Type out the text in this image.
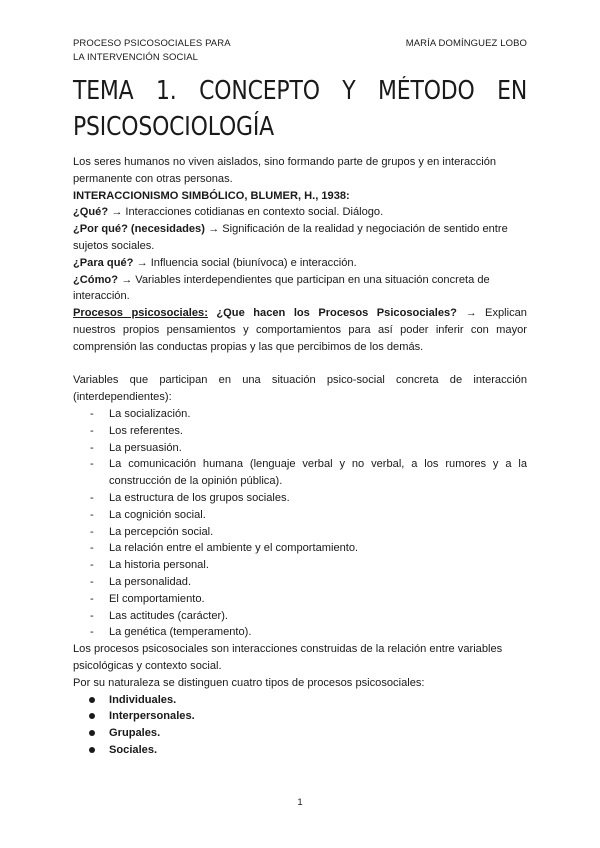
PROCESO PSICOSOCIALES PARA
LA INTERVENCIÓN SOCIAL
MARÍA DOMÍNGUEZ LOBO
TEMA 1. CONCEPTO Y MÉTODO EN
PSICOSOCIOLOGÍA

Los seres humanos no viven aislados, sino formando parte de grupos y en interacción permanente con otras personas.

INTERACCIONISMO SIMBÓLICO, BLUMER, H., 1938:

¿Qué? → Interacciones cotidianas en contexto social. Diálogo.

¿Por qué? (necesidades) → Significación de la realidad y negociación de sentido entre sujetos sociales.

¿Para qué? → Influencia social (biunívoca) e interacción.

¿Cómo? → Variables interdependientes que participan en una situación concreta de interacción.

Procesos psicosociales: ¿Que hacen los Procesos Psicosociales? → Explican nuestros propios pensamientos y comportamientos para así poder inferir con mayor comprensión las conductas propias y las que percibimos de los demás.

Variables que participan en una situación psico-social concreta de interacción (interdependientes):

- La socialización.
- Los referentes.
- La persuasión.
- La comunicación humana (lenguaje verbal y no verbal, a los rumores y a la construcción de la opinión pública).
- La estructura de los grupos sociales.
- La cognición social.
- La percepción social.
- La relación entre el ambiente y el comportamiento.
- La historia personal.
- La personalidad.
- El comportamiento.
- Las actitudes (carácter).
- La genética (temperamento).

Los procesos psicosociales son interacciones construidas de la relación entre variables psicológicas y contexto social.

Por su naturaleza se distinguen cuatro tipos de procesos psicosociales:

Individuales.
Interpersonales.
Grupales.
Sociales.
1
